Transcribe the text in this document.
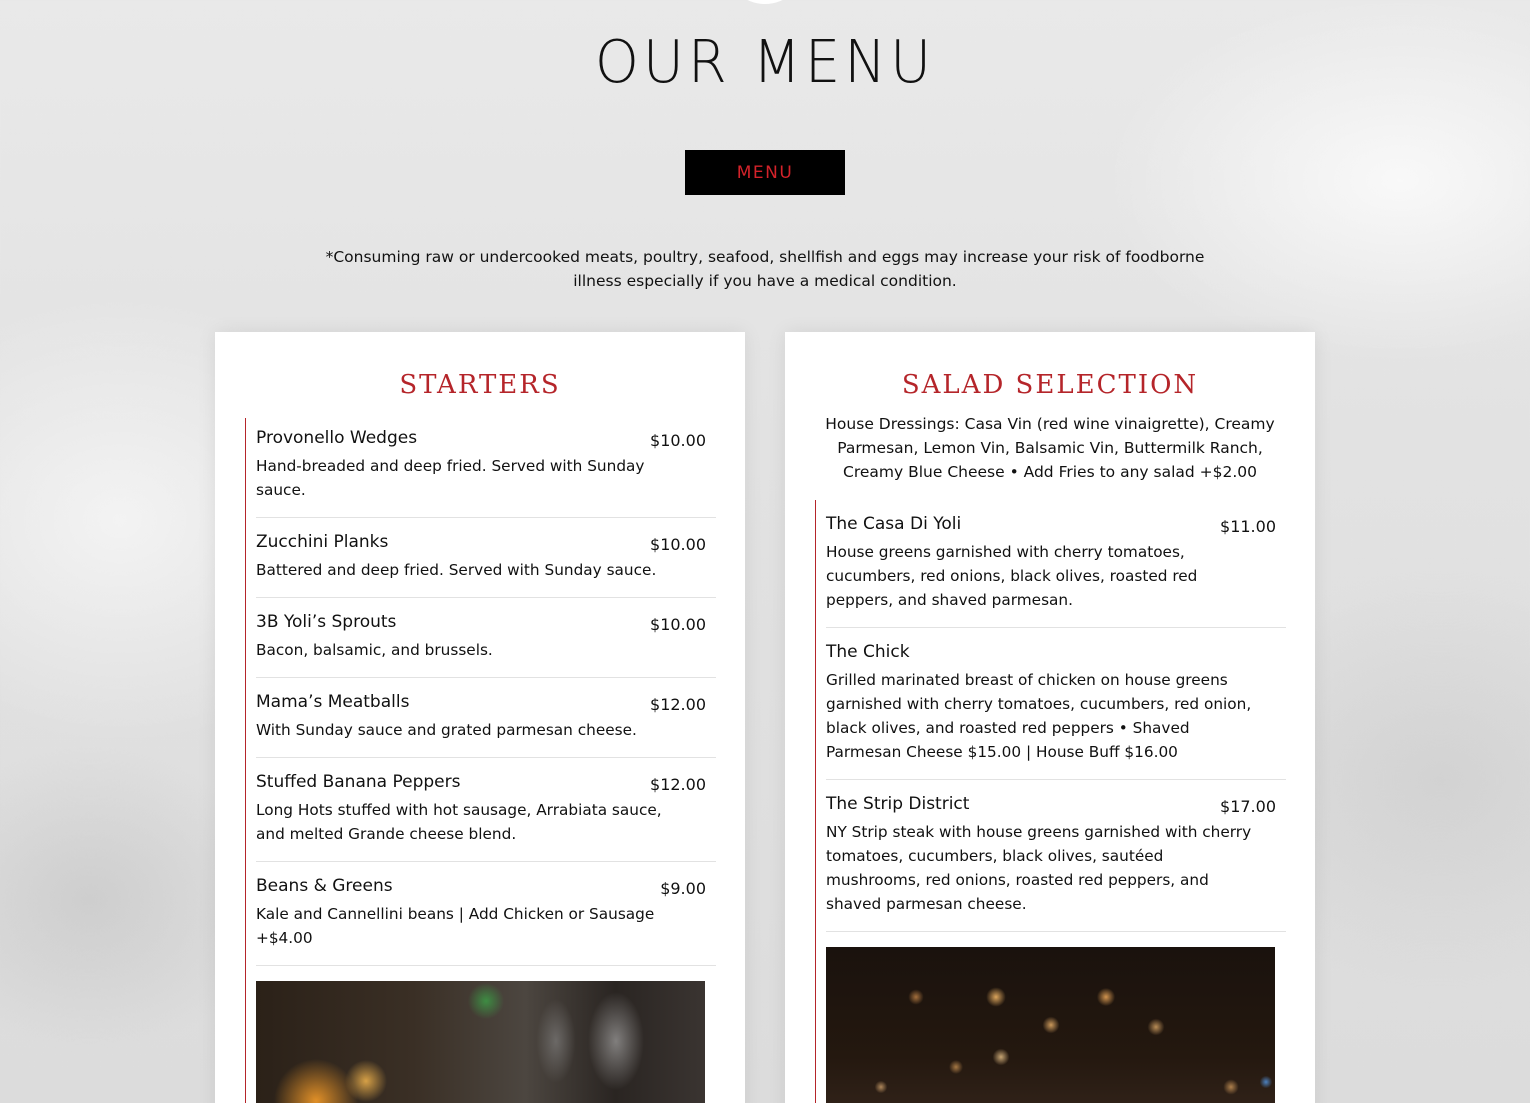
OUR MENU
MENU

*Consuming raw or undercooked meats, poultry, seafood, shellfish and eggs may increase your risk of foodborne illness especially if you have a medical condition.

STARTERS
Provonello Wedges	$10.00
Hand-breaded and deep fried. Served with Sunday sauce.
Zucchini Planks	$10.00
Battered and deep fried. Served with Sunday sauce.
3B Yoli’s Sprouts	$10.00
Bacon, balsamic, and brussels.
Mama’s Meatballs	$12.00
With Sunday sauce and grated parmesan cheese.
Stuffed Banana Peppers	$12.00
Long Hots stuffed with hot sausage, Arrabiata sauce, and melted Grande cheese blend.
Beans & Greens	$9.00
Kale and Cannellini beans | Add Chicken or Sausage +$4.00
SALAD SELECTION

House Dressings: Casa Vin (red wine vinaigrette), Creamy Parmesan, Lemon Vin, Balsamic Vin, Buttermilk Ranch, Creamy Blue Cheese • Add Fries to any salad +$2.00

The Casa Di Yoli	$11.00
House greens garnished with cherry tomatoes, cucumbers, red onions, black olives, roasted red peppers, and shaved parmesan.
The Chick
Grilled marinated breast of chicken on house greens garnished with cherry tomatoes, cucumbers, red onion, black olives, and roasted red peppers • Shaved Parmesan Cheese $15.00 | House Buff $16.00
The Strip District	$17.00
NY Strip steak with house greens garnished with cherry tomatoes, cucumbers, black olives, sautéed mushrooms, red onions, roasted red peppers, and shaved parmesan cheese.
